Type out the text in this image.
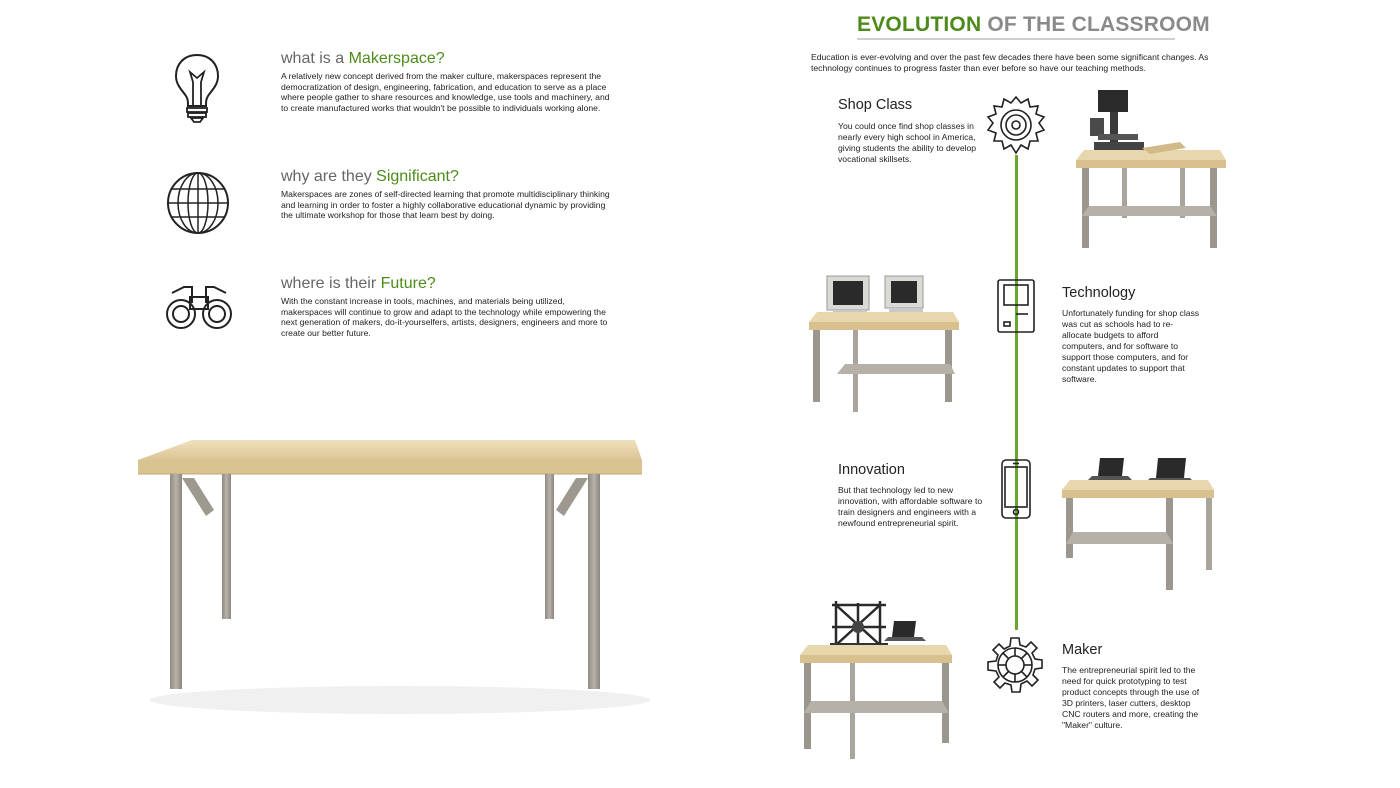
what is a Makerspace?
A relatively new concept derived from the maker culture, makerspaces represent the democratization of design, engineering, fabrication, and education to serve as a place where people gather to share resources and knowledge, use tools and machinery, and to create manufactured works that wouldn't be possible to individuals working alone.
why are they Significant?
Makerspaces are zones of self-directed learning that promote multidisciplinary thinking and learning in order to foster a highly collaborative educational dynamic by providing the ultimate workshop for those that learn best by doing.
where is their Future?
With the constant increase in tools, machines, and materials being utilized, makerspaces will continue to grow and adapt to the technology while empowering the next generation of makers, do-it-yourselfers, artists, designers, engineers and more to create our better future.
EVOLUTION OF THE CLASSROOM
Education is ever-evolving and over the past few decades there have been some significant changes. As technology continues to progress faster than ever before so have our teaching methods.
Shop Class
You could once find shop classes in nearly every high school in America, giving students the ability to develop vocational skillsets.
Technology
Unfortunately funding for shop class was cut as schools had to re-allocate budgets to afford computers, and for software to support those computers, and for constant updates to support that software.
Innovation
But that technology led to new innovation, with affordable software to train designers and engineers with a newfound entrepreneurial spirit.
Maker
The entrepreneurial spirit led to the need for quick prototyping to test product concepts through the use of 3D printers, laser cutters, desktop CNC routers and more, creating the "Maker" culture.
